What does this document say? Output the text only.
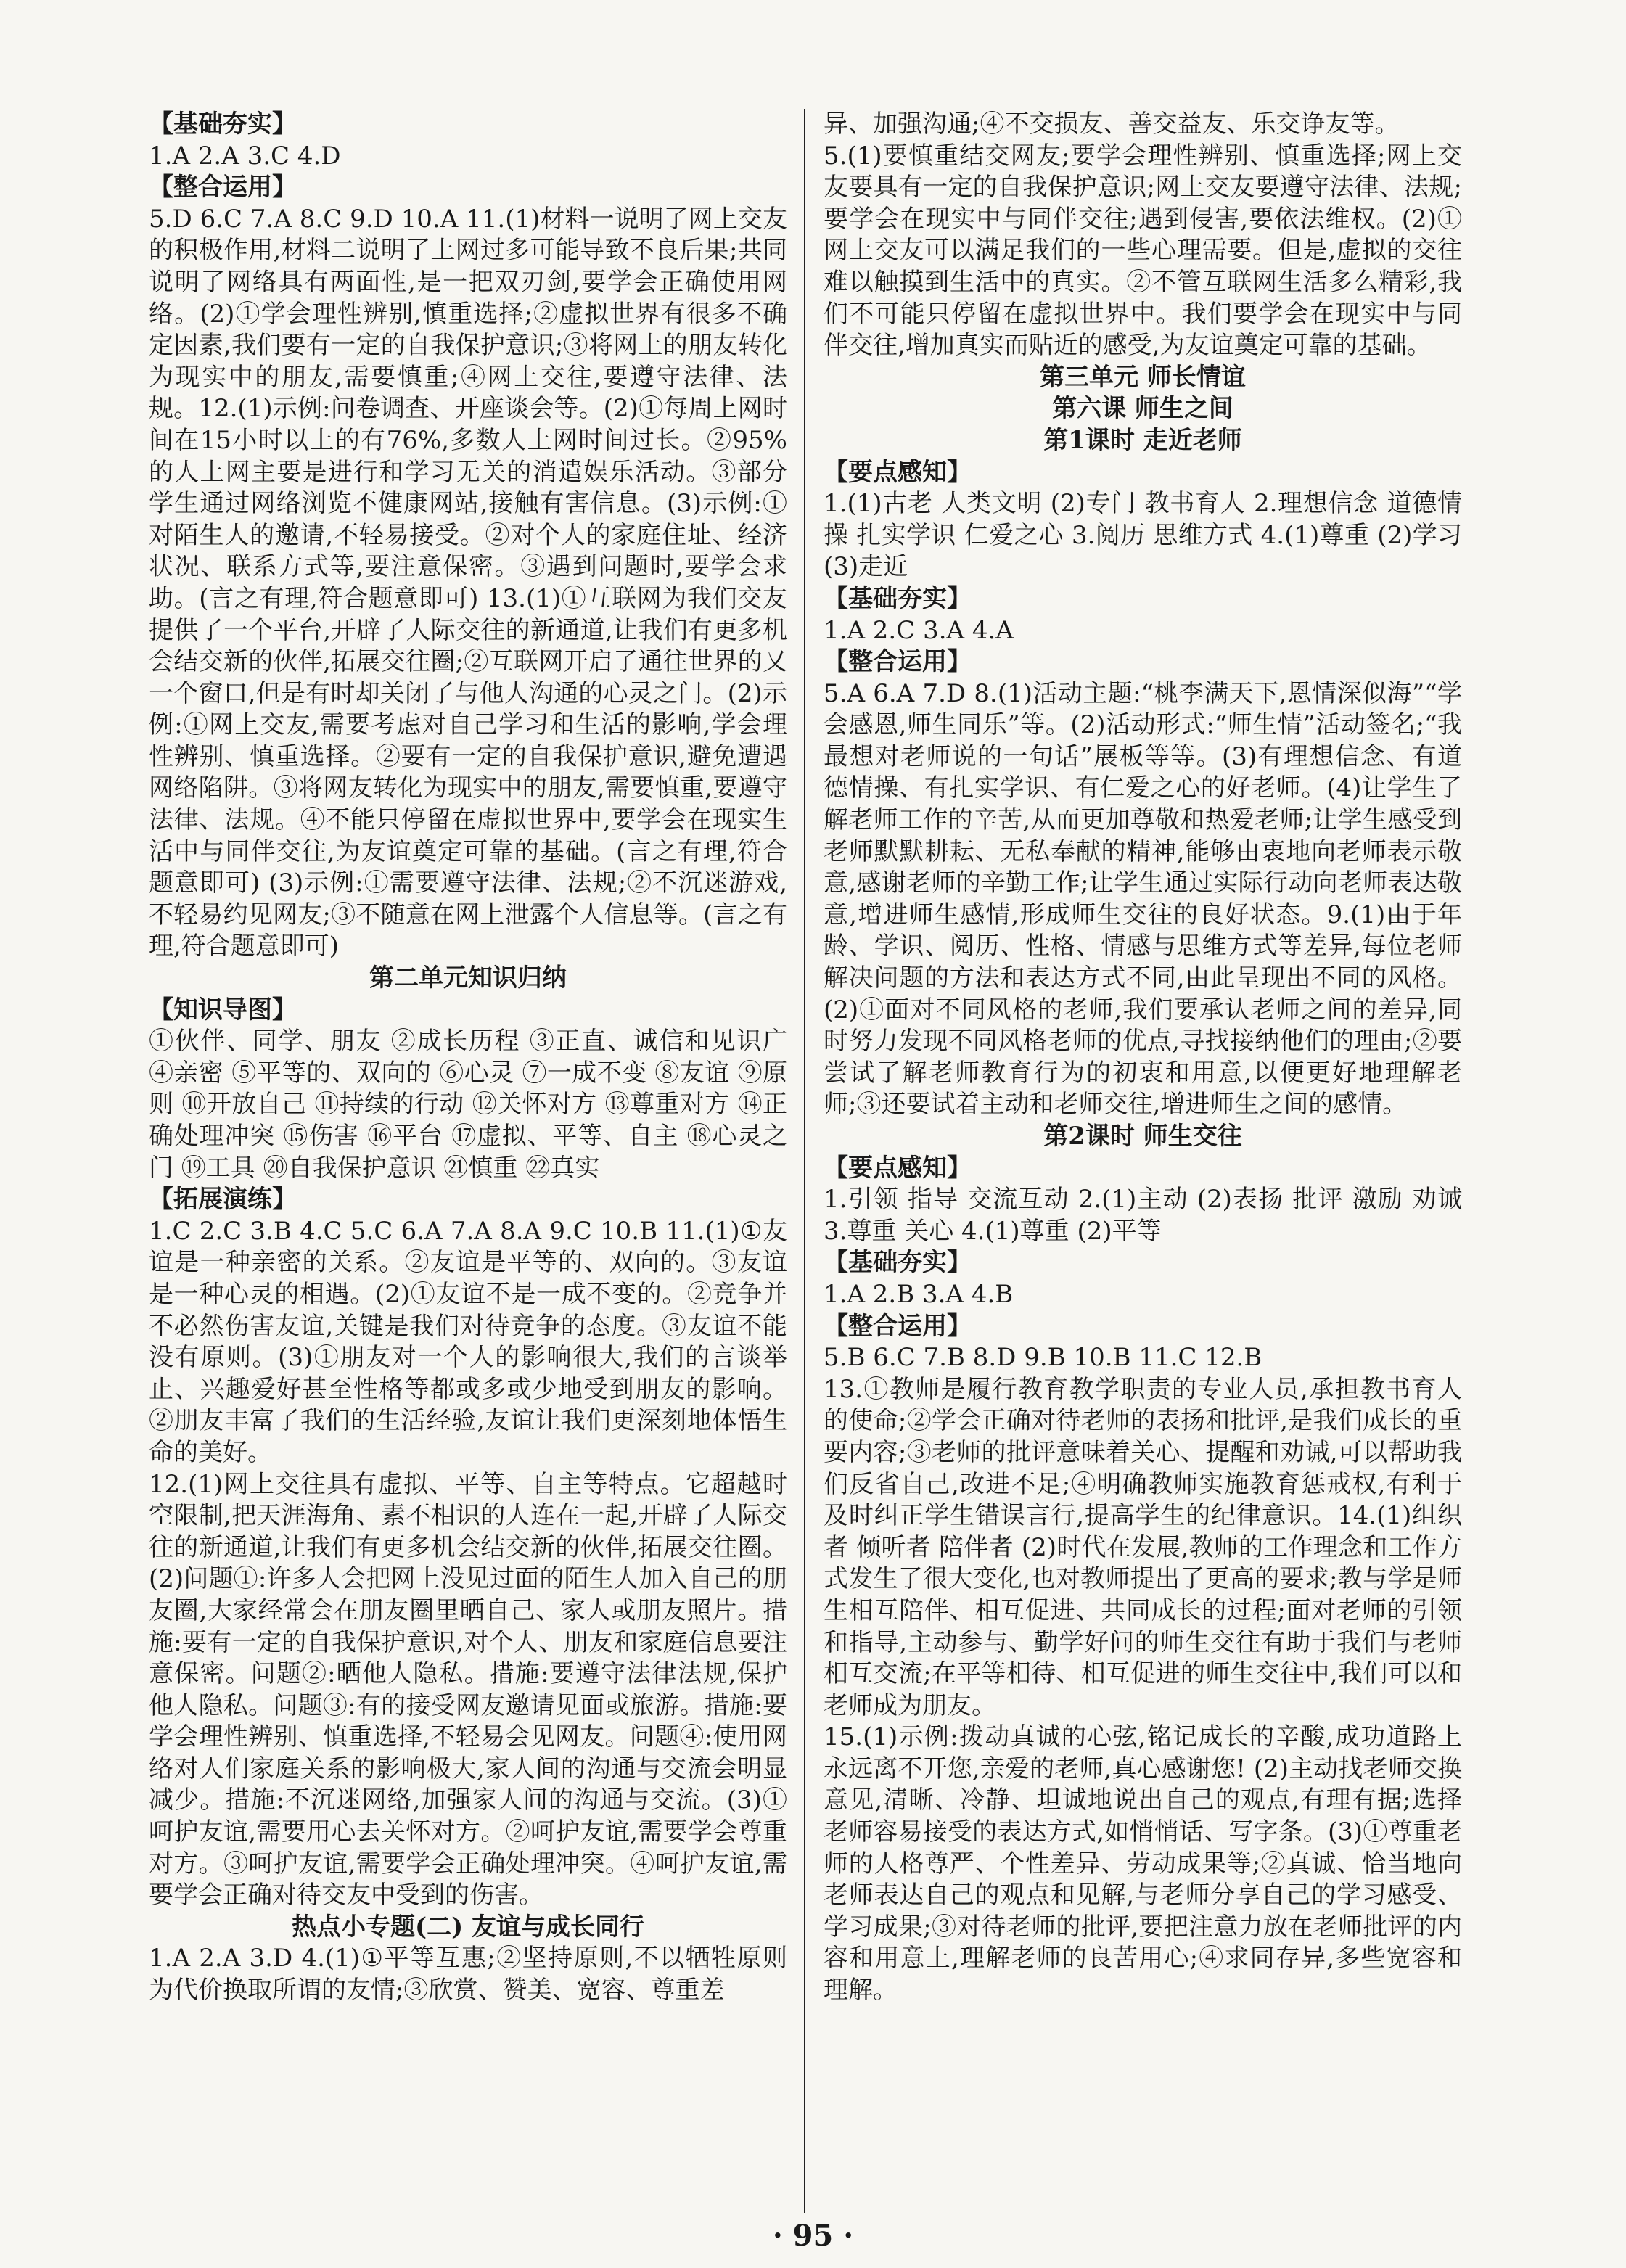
【基础夯实】

1.A 2.A 3.C 4.D

【整合运用】

5.D 6.C 7.A 8.C 9.D 10.A 11.(1)材料一说明了网上交友的积极作用,材料二说明了上网过多可能导致不良后果;共同说明了网络具有两面性,是一把双刃剑,要学会正确使用网络。(2)①学会理性辨别,慎重选择;②虚拟世界有很多不确定因素,我们要有一定的自我保护意识;③将网上的朋友转化为现实中的朋友,需要慎重;④网上交往,要遵守法律、法规。12.(1)示例:问卷调查、开座谈会等。(2)①每周上网时间在15小时以上的有76%,多数人上网时间过长。②95%的人上网主要是进行和学习无关的消遣娱乐活动。③部分学生通过网络浏览不健康网站,接触有害信息。(3)示例:①对陌生人的邀请,不轻易接受。②对个人的家庭住址、经济状况、联系方式等,要注意保密。③遇到问题时,要学会求助。(言之有理,符合题意即可) 13.(1)①互联网为我们交友提供了一个平台,开辟了人际交往的新通道,让我们有更多机会结交新的伙伴,拓展交往圈;②互联网开启了通往世界的又一个窗口,但是有时却关闭了与他人沟通的心灵之门。(2)示例:①网上交友,需要考虑对自己学习和生活的影响,学会理性辨别、慎重选择。②要有一定的自我保护意识,避免遭遇网络陷阱。③将网友转化为现实中的朋友,需要慎重,要遵守法律、法规。④不能只停留在虚拟世界中,要学会在现实生活中与同伴交往,为友谊奠定可靠的基础。(言之有理,符合题意即可) (3)示例:①需要遵守法律、法规;②不沉迷游戏,不轻易约见网友;③不随意在网上泄露个人信息等。(言之有理,符合题意即可)

第二单元知识归纳
【知识导图】

①伙伴、同学、朋友 ②成长历程 ③正直、诚信和见识广 ④亲密 ⑤平等的、双向的 ⑥心灵 ⑦一成不变 ⑧友谊 ⑨原则 ⑩开放自己 ⑪持续的行动 ⑫关怀对方 ⑬尊重对方 ⑭正确处理冲突 ⑮伤害 ⑯平台 ⑰虚拟、平等、自主 ⑱心灵之门 ⑲工具 ⑳自我保护意识 ㉑慎重 ㉒真实

【拓展演练】

1.C 2.C 3.B 4.C 5.C 6.A 7.A 8.A 9.C 10.B 11.(1)①友谊是一种亲密的关系。②友谊是平等的、双向的。③友谊是一种心灵的相遇。(2)①友谊不是一成不变的。②竞争并不必然伤害友谊,关键是我们对待竞争的态度。③友谊不能没有原则。(3)①朋友对一个人的影响很大,我们的言谈举止、兴趣爱好甚至性格等都或多或少地受到朋友的影响。②朋友丰富了我们的生活经验,友谊让我们更深刻地体悟生命的美好。

12.(1)网上交往具有虚拟、平等、自主等特点。它超越时空限制,把天涯海角、素不相识的人连在一起,开辟了人际交往的新通道,让我们有更多机会结交新的伙伴,拓展交往圈。(2)问题①:许多人会把网上没见过面的陌生人加入自己的朋友圈,大家经常会在朋友圈里晒自己、家人或朋友照片。措施:要有一定的自我保护意识,对个人、朋友和家庭信息要注意保密。问题②:晒他人隐私。措施:要遵守法律法规,保护他人隐私。问题③:有的接受网友邀请见面或旅游。措施:要学会理性辨别、慎重选择,不轻易会见网友。问题④:使用网络对人们家庭关系的影响极大,家人间的沟通与交流会明显减少。措施:不沉迷网络,加强家人间的沟通与交流。(3)①呵护友谊,需要用心去关怀对方。②呵护友谊,需要学会尊重对方。③呵护友谊,需要学会正确处理冲突。④呵护友谊,需要学会正确对待交友中受到的伤害。

热点小专题(二) 友谊与成长同行

1.A 2.A 3.D 4.(1)①平等互惠;②坚持原则,不以牺牲原则为代价换取所谓的友情;③欣赏、赞美、宽容、尊重差

异、加强沟通;④不交损友、善交益友、乐交诤友等。

5.(1)要慎重结交网友;要学会理性辨别、慎重选择;网上交友要具有一定的自我保护意识;网上交友要遵守法律、法规;要学会在现实中与同伴交往;遇到侵害,要依法维权。(2)①网上交友可以满足我们的一些心理需要。但是,虚拟的交往难以触摸到生活中的真实。②不管互联网生活多么精彩,我们不可能只停留在虚拟世界中。我们要学会在现实中与同伴交往,增加真实而贴近的感受,为友谊奠定可靠的基础。

第三单元 师长情谊
第六课 师生之间
第1课时 走近老师
【要点感知】

1.(1)古老 人类文明 (2)专门 教书育人 2.理想信念 道德情操 扎实学识 仁爱之心 3.阅历 思维方式 4.(1)尊重 (2)学习 (3)走近

【基础夯实】

1.A 2.C 3.A 4.A

【整合运用】

5.A 6.A 7.D 8.(1)活动主题:“桃李满天下,恩情深似海”“学会感恩,师生同乐”等。(2)活动形式:“师生情”活动签名;“我最想对老师说的一句话”展板等等。(3)有理想信念、有道德情操、有扎实学识、有仁爱之心的好老师。(4)让学生了解老师工作的辛苦,从而更加尊敬和热爱老师;让学生感受到老师默默耕耘、无私奉献的精神,能够由衷地向老师表示敬意,感谢老师的辛勤工作;让学生通过实际行动向老师表达敬意,增进师生感情,形成师生交往的良好状态。9.(1)由于年龄、学识、阅历、性格、情感与思维方式等差异,每位老师解决问题的方法和表达方式不同,由此呈现出不同的风格。(2)①面对不同风格的老师,我们要承认老师之间的差异,同时努力发现不同风格老师的优点,寻找接纳他们的理由;②要尝试了解老师教育行为的初衷和用意,以便更好地理解老师;③还要试着主动和老师交往,增进师生之间的感情。

第2课时 师生交往
【要点感知】

1.引领 指导 交流互动 2.(1)主动 (2)表扬 批评 激励 劝诫 3.尊重 关心 4.(1)尊重 (2)平等

【基础夯实】

1.A 2.B 3.A 4.B

【整合运用】

5.B 6.C 7.B 8.D 9.B 10.B 11.C 12.B

13.①教师是履行教育教学职责的专业人员,承担教书育人的使命;②学会正确对待老师的表扬和批评,是我们成长的重要内容;③老师的批评意味着关心、提醒和劝诫,可以帮助我们反省自己,改进不足;④明确教师实施教育惩戒权,有利于及时纠正学生错误言行,提高学生的纪律意识。14.(1)组织者 倾听者 陪伴者 (2)时代在发展,教师的工作理念和工作方式发生了很大变化,也对教师提出了更高的要求;教与学是师生相互陪伴、相互促进、共同成长的过程;面对老师的引领和指导,主动参与、勤学好问的师生交往有助于我们与老师相互交流;在平等相待、相互促进的师生交往中,我们可以和老师成为朋友。

15.(1)示例:拨动真诚的心弦,铭记成长的辛酸,成功道路上永远离不开您,亲爱的老师,真心感谢您! (2)主动找老师交换意见,清晰、冷静、坦诚地说出自己的观点,有理有据;选择老师容易接受的表达方式,如悄悄话、写字条。(3)①尊重老师的人格尊严、个性差异、劳动成果等;②真诚、恰当地向老师表达自己的观点和见解,与老师分享自己的学习感受、学习成果;③对待老师的批评,要把注意力放在老师批评的内容和用意上,理解老师的良苦用心;④求同存异,多些宽容和理解。

· 95 ·
